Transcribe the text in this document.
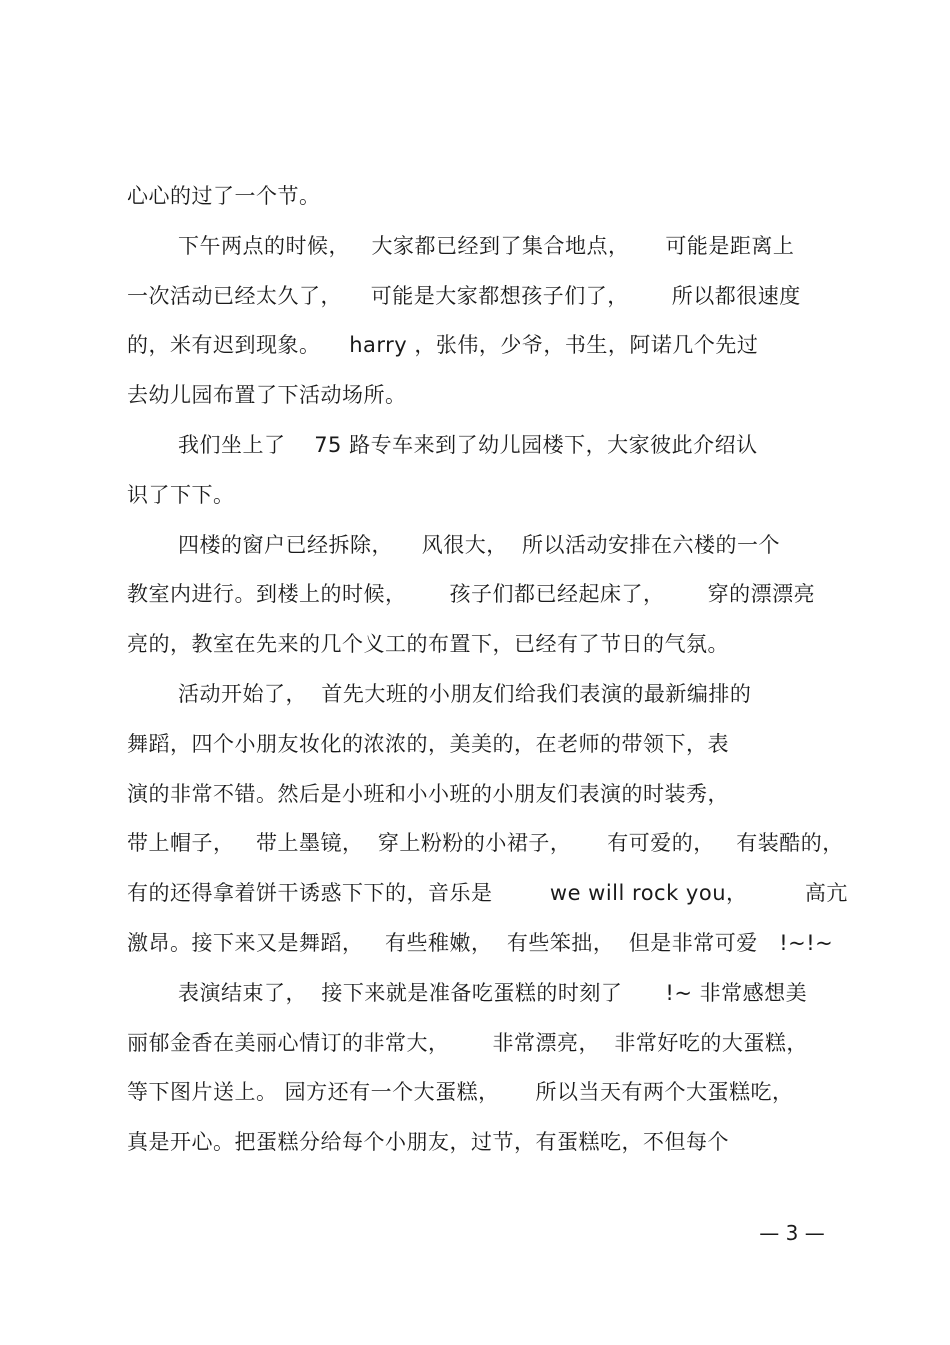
心心的过了一个节。
下午两点的时候，   大家都已经到了集合地点，     可能是距离上
一次活动已经太久了，    可能是大家都想孩子们了，      所以都很速度
的，米有迟到现象。    harry ，张伟，少爷，书生，阿诺几个先过
去幼儿园布置了下活动场所。
我们坐上了    75 路专车来到了幼儿园楼下，大家彼此介绍认
识了下下。
四楼的窗户已经拆除，    风很大，  所以活动安排在六楼的一个
教室内进行。到楼上的时候，      孩子们都已经起床了，      穿的漂漂亮
亮的，教室在先来的几个义工的布置下，已经有了节日的气氛。
活动开始了，  首先大班的小朋友们给我们表演的最新编排的
舞蹈，四个小朋友妆化的浓浓的，美美的，在老师的带领下，表
演的非常不错。然后是小班和小小班的小朋友们表演的时装秀，
带上帽子，   带上墨镜，  穿上粉粉的小裙子，     有可爱的，   有装酷的，
有的还得拿着饼干诱惑下下的，音乐是        we will rock you，        高亢
激昂。接下来又是舞蹈，   有些稚嫩，  有些笨拙，  但是非常可爱   !~!~
表演结束了，  接下来就是准备吃蛋糕的时刻了      !~ 非常感想美
丽郁金香在美丽心情订的非常大，      非常漂亮，  非常好吃的大蛋糕，
等下图片送上。 园方还有一个大蛋糕，     所以当天有两个大蛋糕吃，
真是开心。把蛋糕分给每个小朋友，过节，有蛋糕吃，不但每个
— 3 —
